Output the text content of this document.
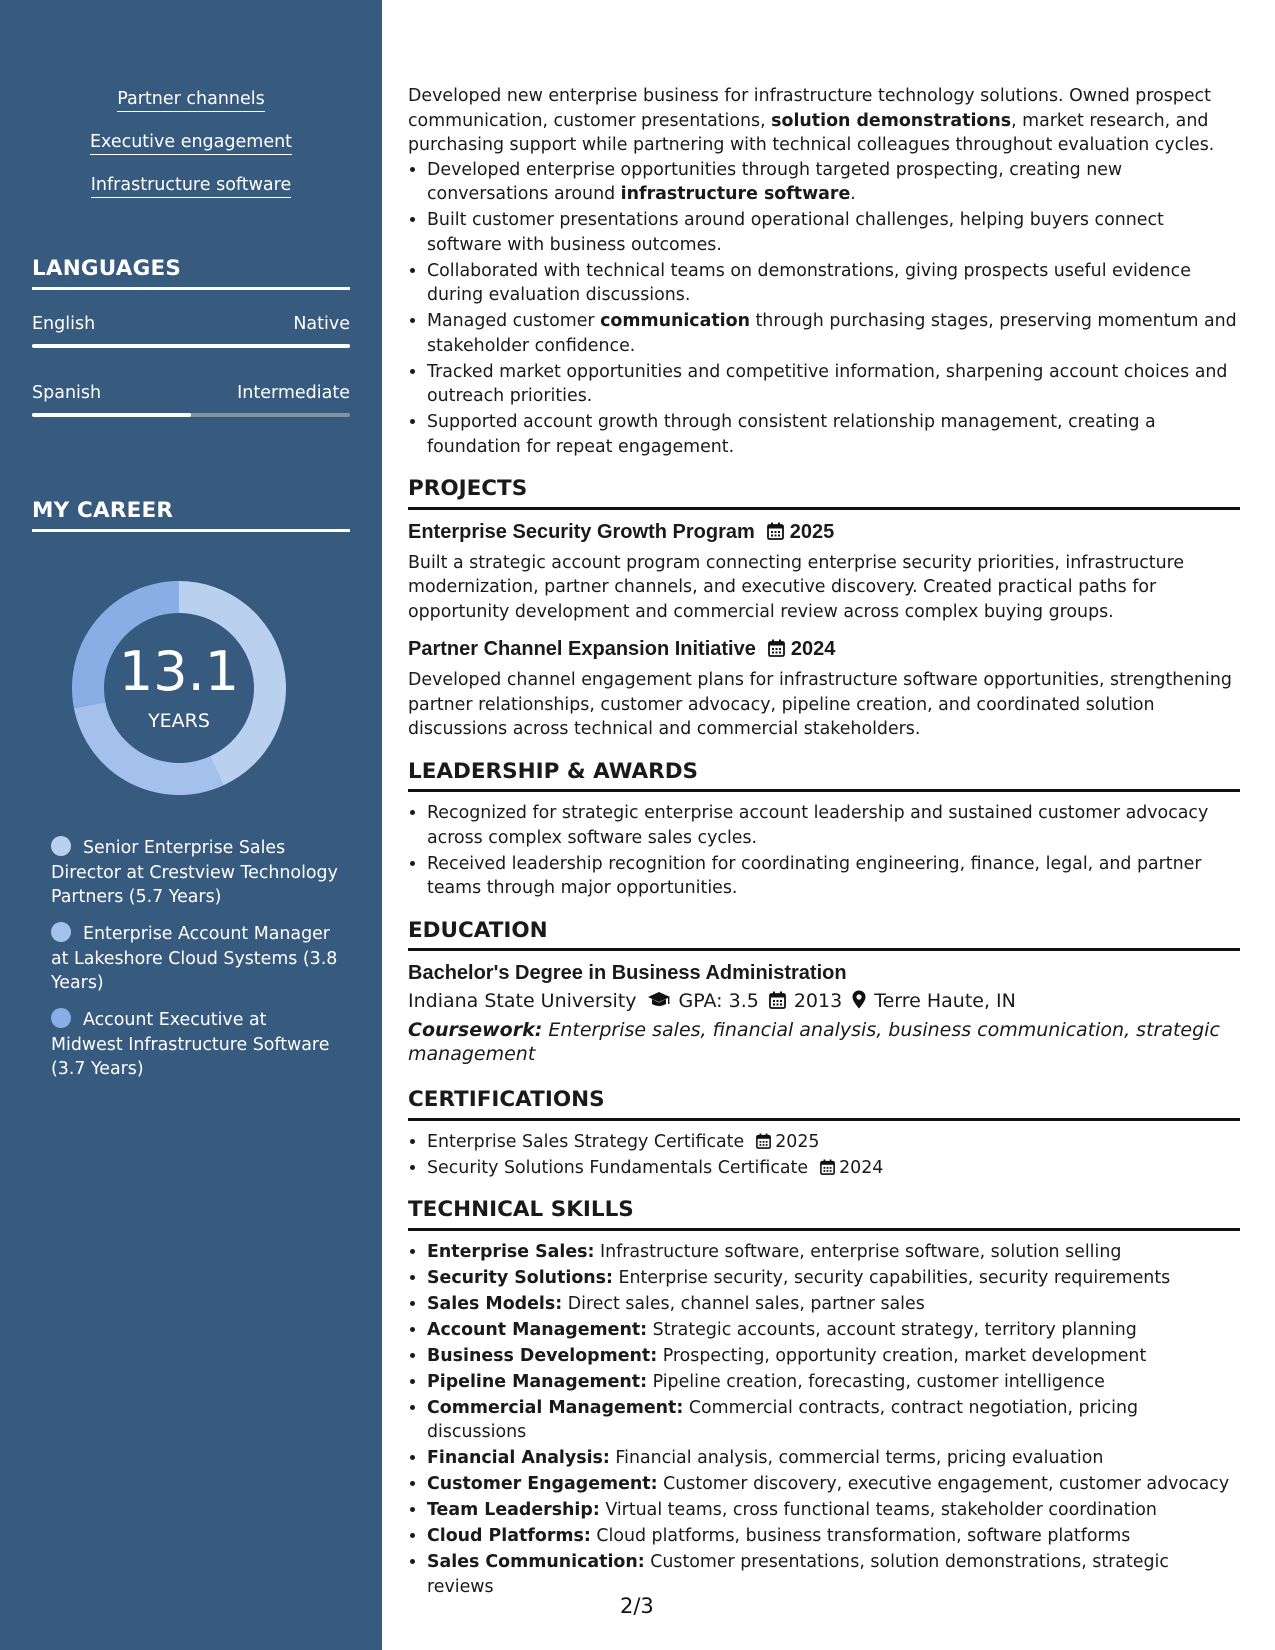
Partner channels
Executive engagement
Infrastructure software
LANGUAGES
English	Native
Spanish	Intermediate
MY CAREER
13.1
YEARS
Senior Enterprise Sales Director at Crestview Technology Partners (5.7 Years)
Enterprise Account Manager at Lakeshore Cloud Systems (3.8 Years)
Account Executive at Midwest Infrastructure Software (3.7 Years)

Developed new enterprise business for infrastructure technology solutions. Owned prospect communication, customer presentations, solution demonstrations, market research, and purchasing support while partnering with technical colleagues throughout evaluation cycles.

• Developed enterprise opportunities through targeted prospecting, creating new conversations around infrastructure software.
• Built customer presentations around operational challenges, helping buyers connect software with business outcomes.
• Collaborated with technical teams on demonstrations, giving prospects useful evidence during evaluation discussions.
• Managed customer communication through purchasing stages, preserving momentum and stakeholder confidence.
• Tracked market opportunities and competitive information, sharpening account choices and outreach priorities.
• Supported account growth through consistent relationship management, creating a foundation for repeat engagement.
PROJECTS
Enterprise Security Growth Program 2025

Built a strategic account program connecting enterprise security priorities, infrastructure modernization, partner channels, and executive discovery. Created practical paths for opportunity development and commercial review across complex buying groups.

Partner Channel Expansion Initiative 2024

Developed channel engagement plans for infrastructure software opportunities, strengthening partner relationships, customer advocacy, pipeline creation, and coordinated solution discussions across technical and commercial stakeholders.

LEADERSHIP & AWARDS
• Recognized for strategic enterprise account leadership and sustained customer advocacy across complex software sales cycles.
• Received leadership recognition for coordinating engineering, finance, legal, and partner teams through major opportunities.
EDUCATION
Bachelor's Degree in Business Administration
Indiana State University GPA: 3.5 2013 Terre Haute, IN
Coursework: Enterprise sales, financial analysis, business communication, strategic management
CERTIFICATIONS
• Enterprise Sales Strategy Certificate 2025
• Security Solutions Fundamentals Certificate 2024
TECHNICAL SKILLS
• Enterprise Sales: Infrastructure software, enterprise software, solution selling
• Security Solutions: Enterprise security, security capabilities, security requirements
• Sales Models: Direct sales, channel sales, partner sales
• Account Management: Strategic accounts, account strategy, territory planning
• Business Development: Prospecting, opportunity creation, market development
• Pipeline Management: Pipeline creation, forecasting, customer intelligence
• Commercial Management: Commercial contracts, contract negotiation, pricing discussions
• Financial Analysis: Financial analysis, commercial terms, pricing evaluation
• Customer Engagement: Customer discovery, executive engagement, customer advocacy
• Team Leadership: Virtual teams, cross functional teams, stakeholder coordination
• Cloud Platforms: Cloud platforms, business transformation, software platforms
• Sales Communication: Customer presentations, solution demonstrations, strategic reviews
2/3
